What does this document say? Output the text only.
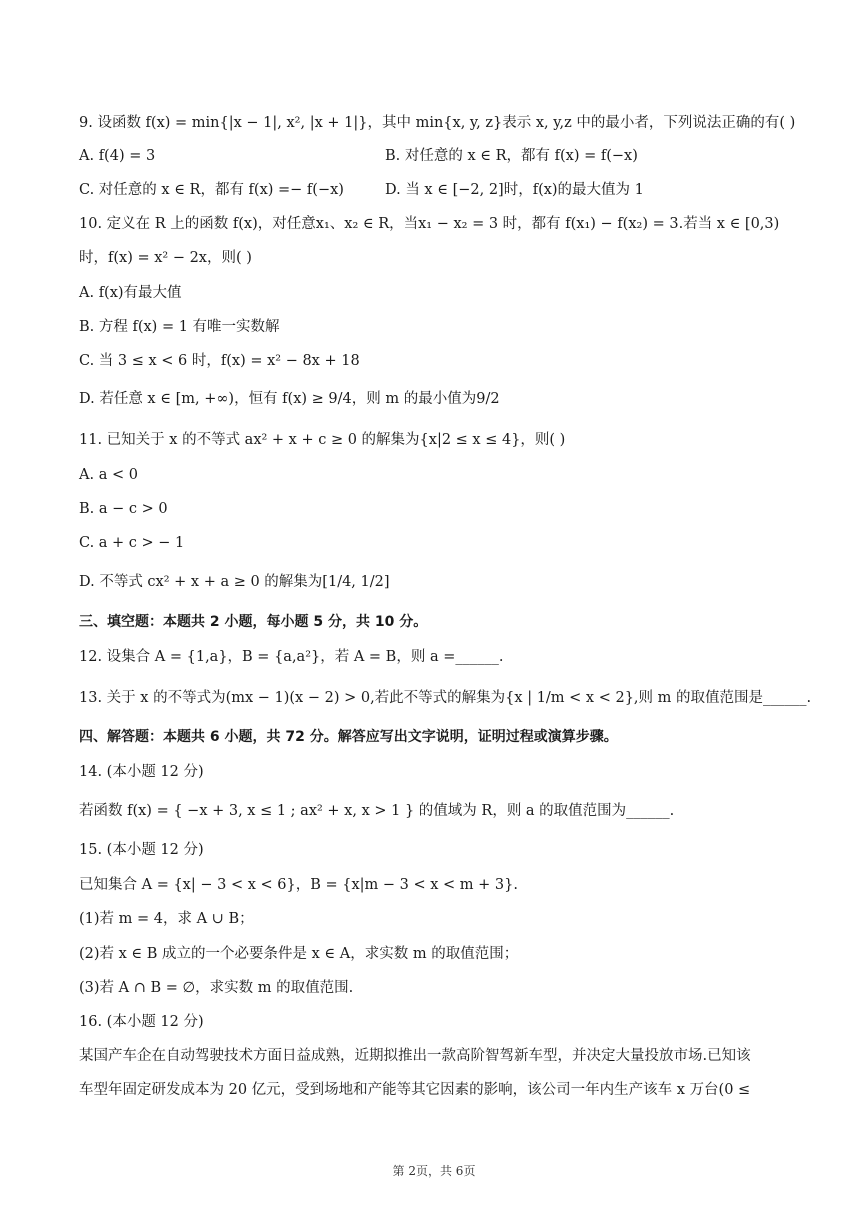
9. 设函数 f(x) = min{|x − 1|, x², |x + 1|}，其中 min{x, y, z}表示 x, y,z 中的最小者，下列说法正确的有( )
A. f(4) = 3	B. 对任意的 x ∈ R，都有 f(x) = f(−x)
C. 对任意的 x ∈ R，都有 f(x) =− f(−x)	D. 当 x ∈ [−2, 2]时，f(x)的最大值为 1
10. 定义在 R 上的函数 f(x)，对任意x₁、x₂ ∈ R，当x₁ − x₂ = 3 时，都有 f(x₁) − f(x₂) = 3.若当 x ∈ [0,3)
时，f(x) = x² − 2x，则( )
A. f(x)有最大值
B. 方程 f(x) = 1 有唯一实数解
C. 当 3 ≤ x < 6 时，f(x) = x² − 8x + 18
D. 若任意 x ∈ [m, +∞)，恒有 f(x) ≥ 9/4，则 m 的最小值为9/2
11. 已知关于 x 的不等式 ax² + x + c ≥ 0 的解集为{x|2 ≤ x ≤ 4}，则( )
A. a < 0
B. a − c > 0
C. a + c > − 1
D. 不等式 cx² + x + a ≥ 0 的解集为[1/4, 1/2]
三、填空题：本题共 2 小题，每小题 5 分，共 10 分。
12. 设集合 A = {1,a}，B = {a,a²}，若 A = B，则 a =______.
13. 关于 x 的不等式为(mx − 1)(x − 2) > 0,若此不等式的解集为{x | 1/m < x < 2},则 m 的取值范围是______.
四、解答题：本题共 6 小题，共 72 分。解答应写出文字说明，证明过程或演算步骤。
14. (本小题 12 分)
若函数 f(x) = { −x + 3, x ≤ 1 ; ax² + x, x > 1 } 的值域为 R，则 a 的取值范围为______.
15. (本小题 12 分)
已知集合 A = {x| − 3 < x < 6}，B = {x|m − 3 < x < m + 3}.
(1)若 m = 4，求 A ∪ B；
(2)若 x ∈ B 成立的一个必要条件是 x ∈ A，求实数 m 的取值范围；
(3)若 A ∩ B = ∅，求实数 m 的取值范围.
16. (本小题 12 分)
某国产车企在自动驾驶技术方面日益成熟，近期拟推出一款高阶智驾新车型，并决定大量投放市场.已知该
车型年固定研发成本为 20 亿元，受到场地和产能等其它因素的影响，该公司一年内生产该车 x 万台(0 ≤
第 2页，共 6页
